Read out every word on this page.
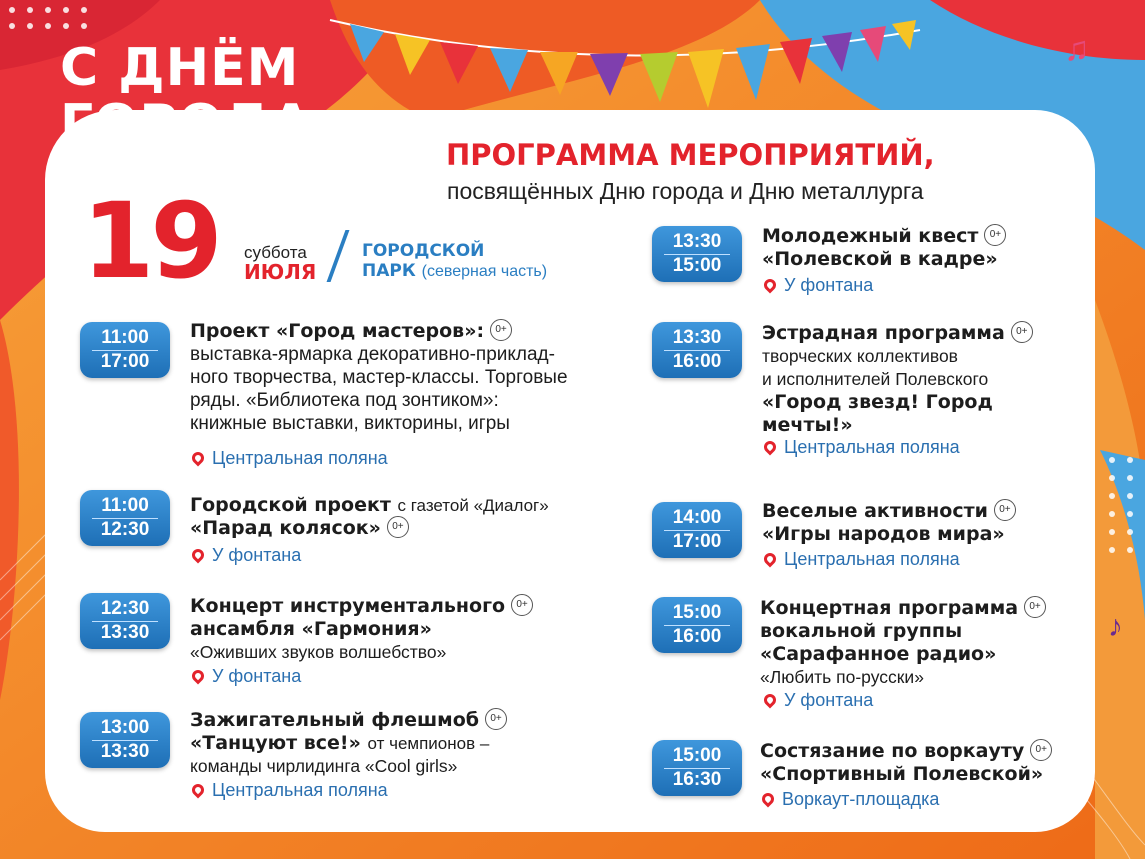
♫
♪
С ДНЁМ
ГОРОДА
ПРОГРАММА МЕРОПРИЯТИЙ,
посвящённых Дню города и Дню металлурга
19 суббота
ИЮЛЯ
ГОРОДСКОЙ
ПАРК (северная часть)
11:00
17:00
Проект «Город мастеров»: 0+
выставка-ярмарка декоративно-приклад-
ного творчества, мастер-классы. Торговые
ряды. «Библиотека под зонтиком»:
книжные выставки, викторины, игры
Центральная поляна
11:00
12:30
Городской проект с газетой «Диалог»
«Парад колясок» 0+
У фонтана
12:30
13:30
Концерт инструментального 0+
ансамбля «Гармония»
«Оживших звуков волшебство»
У фонтана
13:00
13:30
Зажигательный флешмоб 0+
«Танцуют все!» от чемпионов –
команды чирлидинга «Cool girls»
Центральная поляна
13:30
15:00
Молодежный квест 0+
«Полевской в кадре»
У фонтана
13:30
16:00
Эстрадная программа 0+
творческих коллективов
и исполнителей Полевского
«Город звезд! Город
мечты!»
Центральная поляна
14:00
17:00
Веселые активности 0+
«Игры народов мира»
Центральная поляна
15:00
16:00
Концертная программа 0+
вокальной группы
«Сарафанное радио»
«Любить по-русски»
У фонтана
15:00
16:30
Состязание по воркауту 0+
«Спортивный Полевской»
Воркаут-площадка
